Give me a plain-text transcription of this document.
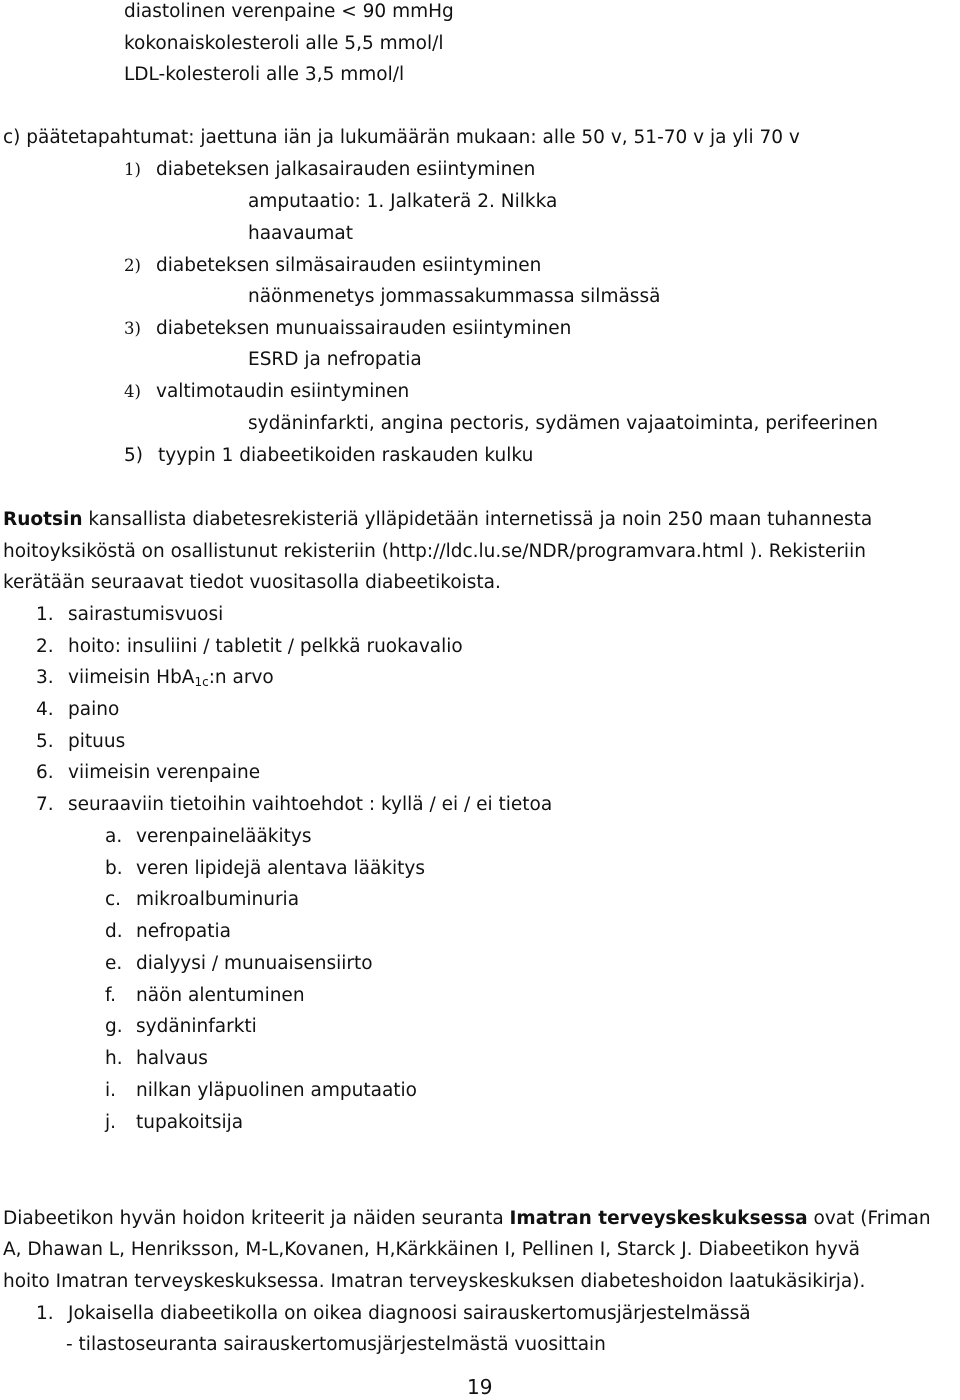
diastolinen verenpaine < 90 mmHg
kokonaiskolesteroli alle 5,5 mmol/l
LDL-kolesteroli alle 3,5 mmol/l
c) päätetapahtumat: jaettuna iän ja lukumäärän mukaan: alle 50 v, 51-70 v ja yli 70 v
1) diabeteksen jalkasairauden esiintyminen
amputaatio: 1. Jalkaterä 2. Nilkka
haavaumat
2) diabeteksen silmäsairauden esiintyminen
näönmenetys jommassakummassa silmässä
3) diabeteksen munuaissairauden esiintyminen
ESRD ja nefropatia
4) valtimotaudin esiintyminen
sydäninfarkti, angina pectoris, sydämen vajaatoiminta, perifeerinen
5) tyypin 1 diabeetikoiden raskauden kulku
Ruotsin kansallista diabetesrekisteriä ylläpidetään internetissä ja noin 250 maan tuhannesta
hoitoyksiköstä on osallistunut rekisteriin (http://ldc.lu.se/NDR/programvara.html ). Rekisteriin
kerätään seuraavat tiedot vuositasolla diabeetikoista.
1. sairastumisvuosi
2. hoito: insuliini / tabletit / pelkkä ruokavalio
3. viimeisin HbA$_{1c}$:n arvo
4. paino
5. pituus
6. viimeisin verenpaine
7. seuraaviin tietoihin vaihtoehdot : kyllä / ei / ei tietoa
a. verenpainelääkitys
b. veren lipidejä alentava lääkitys
c. mikroalbuminuria
d. nefropatia
e. dialyysi / munuaisensiirto
f. näön alentuminen
g. sydäninfarkti
h. halvaus
i. nilkan yläpuolinen amputaatio
j. tupakoitsija
Diabeetikon hyvän hoidon kriteerit ja näiden seuranta Imatran terveyskeskuksessa ovat (Friman
A, Dhawan L, Henriksson, M-L,Kovanen, H,Kärkkäinen I, Pellinen I, Starck J. Diabeetikon hyvä
hoito Imatran terveyskeskuksessa. Imatran terveyskeskuksen diabeteshoidon laatukäsikirja).
1. Jokaisella diabeetikolla on oikea diagnoosi sairauskertomusjärjestelmässä
- tilastoseuranta sairauskertomusjärjestelmästä vuosittain
19
